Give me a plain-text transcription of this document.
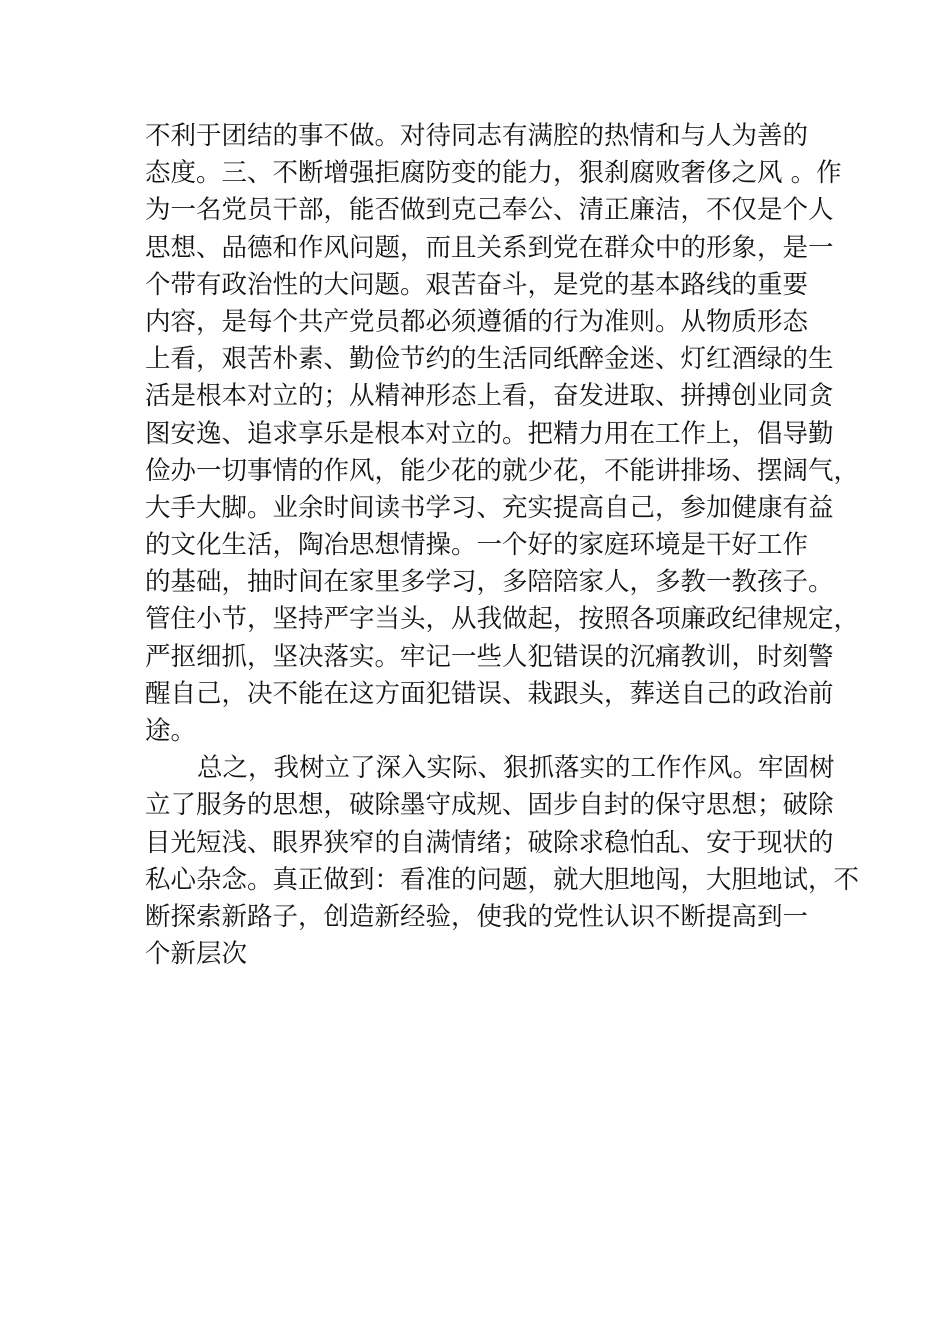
不利于团结的事不做。对待同志有满腔的热情和与人为善的
态度。三、不断增强拒腐防变的能力，狠刹腐败奢侈之风 。作
为一名党员干部，能否做到克己奉公、清正廉洁，不仅是个人
思想、品德和作风问题，而且关系到党在群众中的形象，是一
个带有政治性的大问题。艰苦奋斗，是党的基本路线的重要
内容，是每个共产党员都必须遵循的行为准则。从物质形态
上看，艰苦朴素、勤俭节约的生活同纸醉金迷、灯红酒绿的生
活是根本对立的；从精神形态上看，奋发进取、拼搏创业同贪
图安逸、追求享乐是根本对立的。把精力用在工作上，倡导勤
俭办一切事情的作风，能少花的就少花，不能讲排场、摆阔气，
大手大脚。业余时间读书学习、充实提高自己，参加健康有益
的文化生活，陶冶思想情操。一个好的家庭环境是干好工作
的基础，抽时间在家里多学习，多陪陪家人，多教一教孩子。
管住小节，坚持严字当头，从我做起，按照各项廉政纪律规定，
严抠细抓，坚决落实。牢记一些人犯错误的沉痛教训，时刻警
醒自己，决不能在这方面犯错误、栽跟头，葬送自己的政治前
途。
总之，我树立了深入实际、狠抓落实的工作作风。牢固树
立了服务的思想，破除墨守成规、固步自封的保守思想；破除
目光短浅、眼界狭窄的自满情绪；破除求稳怕乱、安于现状的
私心杂念。真正做到：看准的问题，就大胆地闯，大胆地试，不
断探索新路子，创造新经验，使我的党性认识不断提高到一
个新层次
